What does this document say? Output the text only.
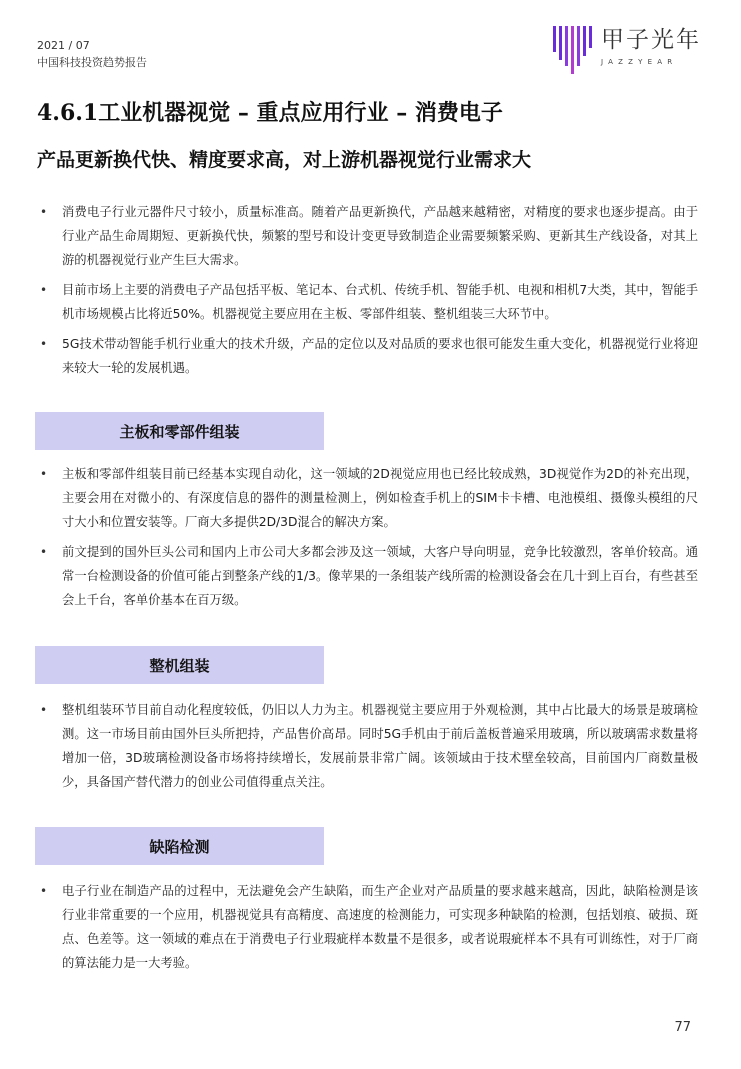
2021 / 07
中国科技投资趋势报告
甲子光年
JAZZYEAR
4.6.1工业机器视觉 – 重点应用行业 – 消费电子
产品更新换代快、精度要求高，对上游机器视觉行业需求大
• 消费电子行业元器件尺寸较小，质量标准高。随着产品更新换代，产品越来越精密，对精度的要求也逐步提高。由于行业产品生命周期短、更新换代快，频繁的型号和设计变更导致制造企业需要频繁采购、更新其生产线设备，对其上游的机器视觉行业产生巨大需求。
• 目前市场上主要的消费电子产品包括平板、笔记本、台式机、传统手机、智能手机、电视和相机7大类，其中，智能手机市场规模占比将近50%。机器视觉主要应用在主板、零部件组装、整机组装三大环节中。
• 5G技术带动智能手机行业重大的技术升级，产品的定位以及对品质的要求也很可能发生重大变化，机器视觉行业将迎来较大一轮的发展机遇。
主板和零部件组装
• 主板和零部件组装目前已经基本实现自动化，这一领域的2D视觉应用也已经比较成熟，3D视觉作为2D的补充出现，主要会用在对微小的、有深度信息的器件的测量检测上，例如检查手机上的SIM卡卡槽、电池模组、摄像头模组的尺寸大小和位置安装等。厂商大多提供2D/3D混合的解决方案。
• 前文提到的国外巨头公司和国内上市公司大多都会涉及这一领域，大客户导向明显，竞争比较激烈，客单价较高。通常一台检测设备的价值可能占到整条产线的1/3。像苹果的一条组装产线所需的检测设备会在几十到上百台，有些甚至会上千台，客单价基本在百万级。
整机组装
• 整机组装环节目前自动化程度较低，仍旧以人力为主。机器视觉主要应用于外观检测，其中占比最大的场景是玻璃检测。这一市场目前由国外巨头所把持，产品售价高昂。同时5G手机由于前后盖板普遍采用玻璃，所以玻璃需求数量将增加一倍，3D玻璃检测设备市场将持续增长，发展前景非常广阔。该领域由于技术壁垒较高，目前国内厂商数量极少，具备国产替代潜力的创业公司值得重点关注。
缺陷检测
• 电子行业在制造产品的过程中，无法避免会产生缺陷，而生产企业对产品质量的要求越来越高，因此，缺陷检测是该行业非常重要的一个应用，机器视觉具有高精度、高速度的检测能力，可实现多种缺陷的检测，包括划痕、破损、斑点、色差等。这一领域的难点在于消费电子行业瑕疵样本数量不是很多，或者说瑕疵样本不具有可训练性，对于厂商的算法能力是一大考验。
77
